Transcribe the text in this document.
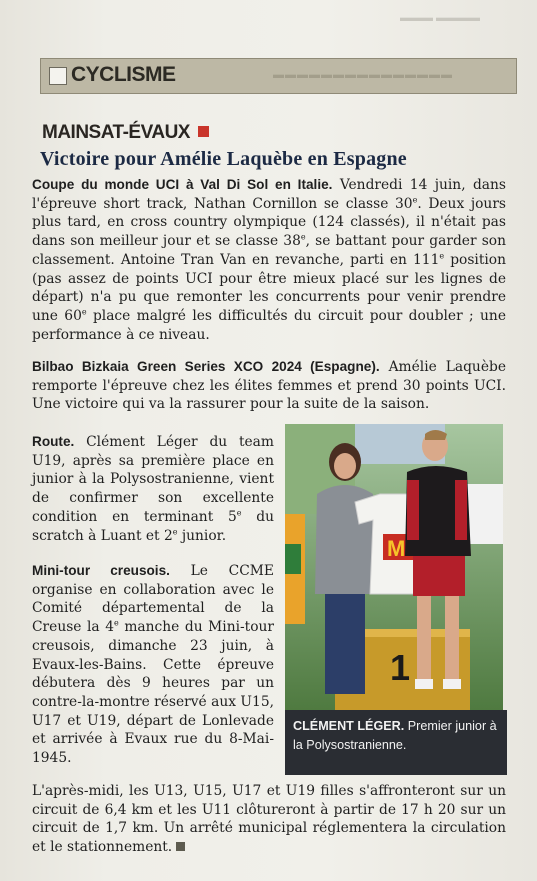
▬▬▬ ▬▬▬▬
CYCLISME	▬▬▬▬▬▬▬▬▬▬▬▬▬▬▬
MAINSAT-ÉVAUX
Victoire pour Amélie Laquèbe en Espagne
Coupe du monde UCI à Val Di Sol en Italie. Vendredi 14 juin, dans l'épreuve short track, Nathan Cornillon se classe 30e. Deux jours plus tard, en cross country olympique (124 classés), il n'était pas dans son meilleur jour et se classe 38e, se battant pour garder son classement. Antoine Tran Van en revanche, parti en 111e position (pas assez de points UCI pour être mieux placé sur les lignes de départ) n'a pu que remonter les concurrents pour venir prendre une 60e place malgré les difficultés du circuit pour doubler ; une performance à ce niveau.
Bilbao Bizkaia Green Series XCO 2024 (Espagne). Amélie Laquèbe remporte l'épreuve chez les élites femmes et prend 30 points UCI. Une victoire qui va la rassurer pour la suite de la saison.
Route. Clément Léger du team U19, après sa première place en junior à la Polysostranienne, vient de confirmer son excellente condition en terminant 5e du scratch à Luant et 2e junior.
Mini-tour creusois. Le CCME organise en collaboration avec le Comité départemental de la Creuse la 4e manche du Mini-tour creusois, dimanche 23 juin, à Evaux-les-Bains. Cette épreuve débutera dès 9 heures par un contre-la-montre réservé aux U15, U17 et U19, départ de Lonlevade et arrivée à Evaux rue du 8-Mai-1945.
L'après-midi, les U13, U15, U17 et U19 filles s'affronteront sur un circuit de 6,4 km et les U11 clôtureront à partir de 17 h 20 sur un circuit de 1,7 km. Un arrêté municipal réglementera la circulation et le stationnement.
1
M
CLÉMENT LÉGER. Premier junior à la Polysostranienne.
